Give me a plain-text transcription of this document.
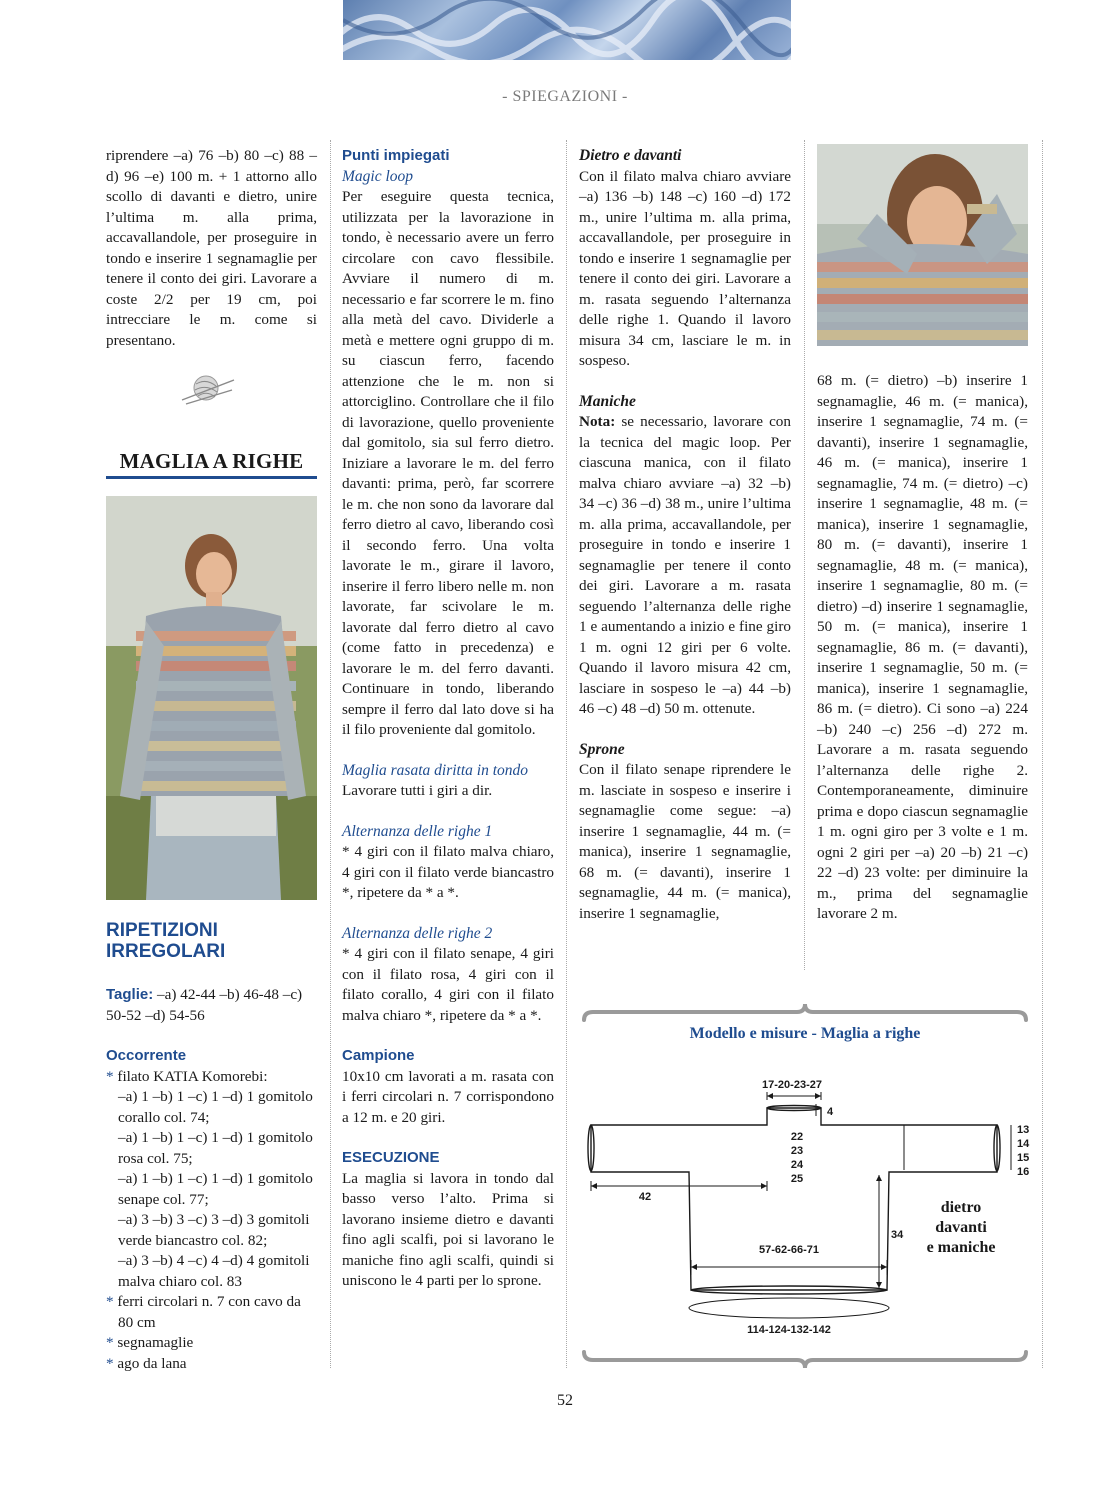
- SPIEGAZIONI -

riprendere –a) 76 –b) 80 –c) 88 –d) 96 –e) 100 m. + 1 attorno allo scollo di davanti e dietro, unire l’ultima m. alla prima, accavallandole, per proseguire in tondo e inserire 1 segnamaglie per tenere il conto dei giri. Lavorare a coste 2/2 per 19 cm, poi intrecciare le m. come si presentano.

MAGLIA A RIGHE
RIPETIZIONI
IRREGOLARI

Taglie: –a) 42-44 –b) 46-48 –c) 50-52 –d) 54-56

Occorrente

* filato KATIA Komorebi:

–a) 1 –b) 1 –c) 1 –d) 1 gomitolo corallo col. 74;

–a) 1 –b) 1 –c) 1 –d) 1 gomitolo rosa col. 75;

–a) 1 –b) 1 –c) 1 –d) 1 gomitolo senape col. 77;

–a) 3 –b) 3 –c) 3 –d) 3 gomitoli verde biancastro col. 82;

–a) 3 –b) 4 –c) 4 –d) 4 gomitoli malva chiaro col. 83

* ferri circolari n. 7 con cavo da 80 cm

* segnamaglie

* ago da lana

Punti impiegati

Magic loop

Per eseguire questa tecnica, utilizzata per la lavorazione in tondo, è necessario avere un ferro circolare con cavo flessibile. Avviare il numero di m. necessario e far scorrere le m. fino alla metà del cavo. Dividerle a metà e mettere ogni gruppo di m. su ciascun ferro, facendo attenzione che le m. non si attorciglino. Controllare che il filo di lavorazione, quello proveniente dal gomitolo, sia sul ferro dietro. Iniziare a lavorare le m. del ferro davanti: prima, però, far scorrere le m. che non sono da lavorare dal ferro dietro al cavo, liberando così il secondo ferro. Una volta lavorate le m., girare il lavoro, inserire il ferro libero nelle m. non lavorate, far scivolare le m. lavorate dal ferro dietro al cavo (come fatto in precedenza) e lavorare le m. del ferro davanti. Continuare in tondo, liberando sempre il ferro dal lato dove si ha il filo proveniente dal gomitolo.

Maglia rasata diritta in tondo

Lavorare tutti i giri a dir.

Alternanza delle righe 1

* 4 giri con il filato malva chiaro, 4 giri con il filato verde biancastro *, ripetere da * a *.

Alternanza delle righe 2

* 4 giri con il filato senape, 4 giri con il filato rosa, 4 giri con il filato corallo, 4 giri con il filato malva chiaro *, ripetere da * a *.

Campione

10x10 cm lavorati a m. rasata con i ferri circolari n. 7 corrispondono a 12 m. e 20 giri.

ESECUZIONE

La maglia si lavora in tondo dal basso verso l’alto. Prima si lavorano insieme dietro e davanti fino agli scalfi, poi si lavorano le maniche fino agli scalfi, quindi si uniscono le 4 parti per lo sprone.

Dietro e davanti

Con il filato malva chiaro avviare –a) 136 –b) 148 –c) 160 –d) 172 m., unire l’ultima m. alla prima, accavallandole, per proseguire in tondo e inserire 1 segnamaglie per tenere il conto dei giri. Lavorare a m. rasata seguendo l’alternanza delle righe 1. Quando il lavoro misura 34 cm, lasciare le m. in sospeso.

Maniche

Nota: se necessario, lavorare con la tecnica del magic loop. Per ciascuna manica, con il filato malva chiaro avviare –a) 32 –b) 34 –c) 36 –d) 38 m., unire l’ultima m. alla prima, accavallandole, per proseguire in tondo e inserire 1 segnamaglie per tenere il conto dei giri. Lavorare a m. rasata seguendo l’alternanza delle righe 1 e aumentando a inizio e fine giro 1 m. ogni 12 giri per 6 volte. Quando il lavoro misura 42 cm, lasciare in sospeso le –a) 44 –b) 46 –c) 48 –d) 50 m. ottenute.

Sprone

Con il filato senape riprendere le m. lasciate in sospeso e inserire i segnamaglie come segue: –a) inserire 1 segnamaglie, 44 m. (= manica), inserire 1 segnamaglie, 68 m. (= davanti), inserire 1 segnamaglie, 44 m. (= manica), inserire 1 segnamaglie,

68 m. (= dietro) –b) inserire 1 segnamaglie, 46 m. (= manica), inserire 1 segnamaglie, 74 m. (= davanti), inserire 1 segnamaglie, 46 m. (= manica), inserire 1 segnamaglie, 74 m. (= dietro) –c) inserire 1 segnamaglie, 48 m. (= manica), inserire 1 segnamaglie, 80 m. (= davanti), inserire 1 segnamaglie, 48 m. (= manica), inserire 1 segnamaglie, 80 m. (= dietro) –d) inserire 1 segnamaglie, 50 m. (= manica), inserire 1 segnamaglie, 86 m. (= davanti), inserire 1 segnamaglie, 50 m. (= manica), inserire 1 segnamaglie, 86 m. (= dietro). Ci sono –a) 224 –b) 240 –c) 256 –d) 272 m. Lavorare a m. rasata seguendo l’alternanza delle righe 2. Contemporaneamente, diminuire prima e dopo ciascun segnamaglie 1 m. ogni giro per 3 volte e 1 m. ogni 2 giri per –a) 20 –b) 21 –c) 22 –d) 23 volte: per diminuire la m., prima del segnamaglie lavorare 2 m.

17-20-23-27
4
22
23
24
25
13
14
15
16
42
34
57-62-66-71
114-124-132-142
dietro
davanti
e maniche
Modello e misure - Maglia a righe
52
